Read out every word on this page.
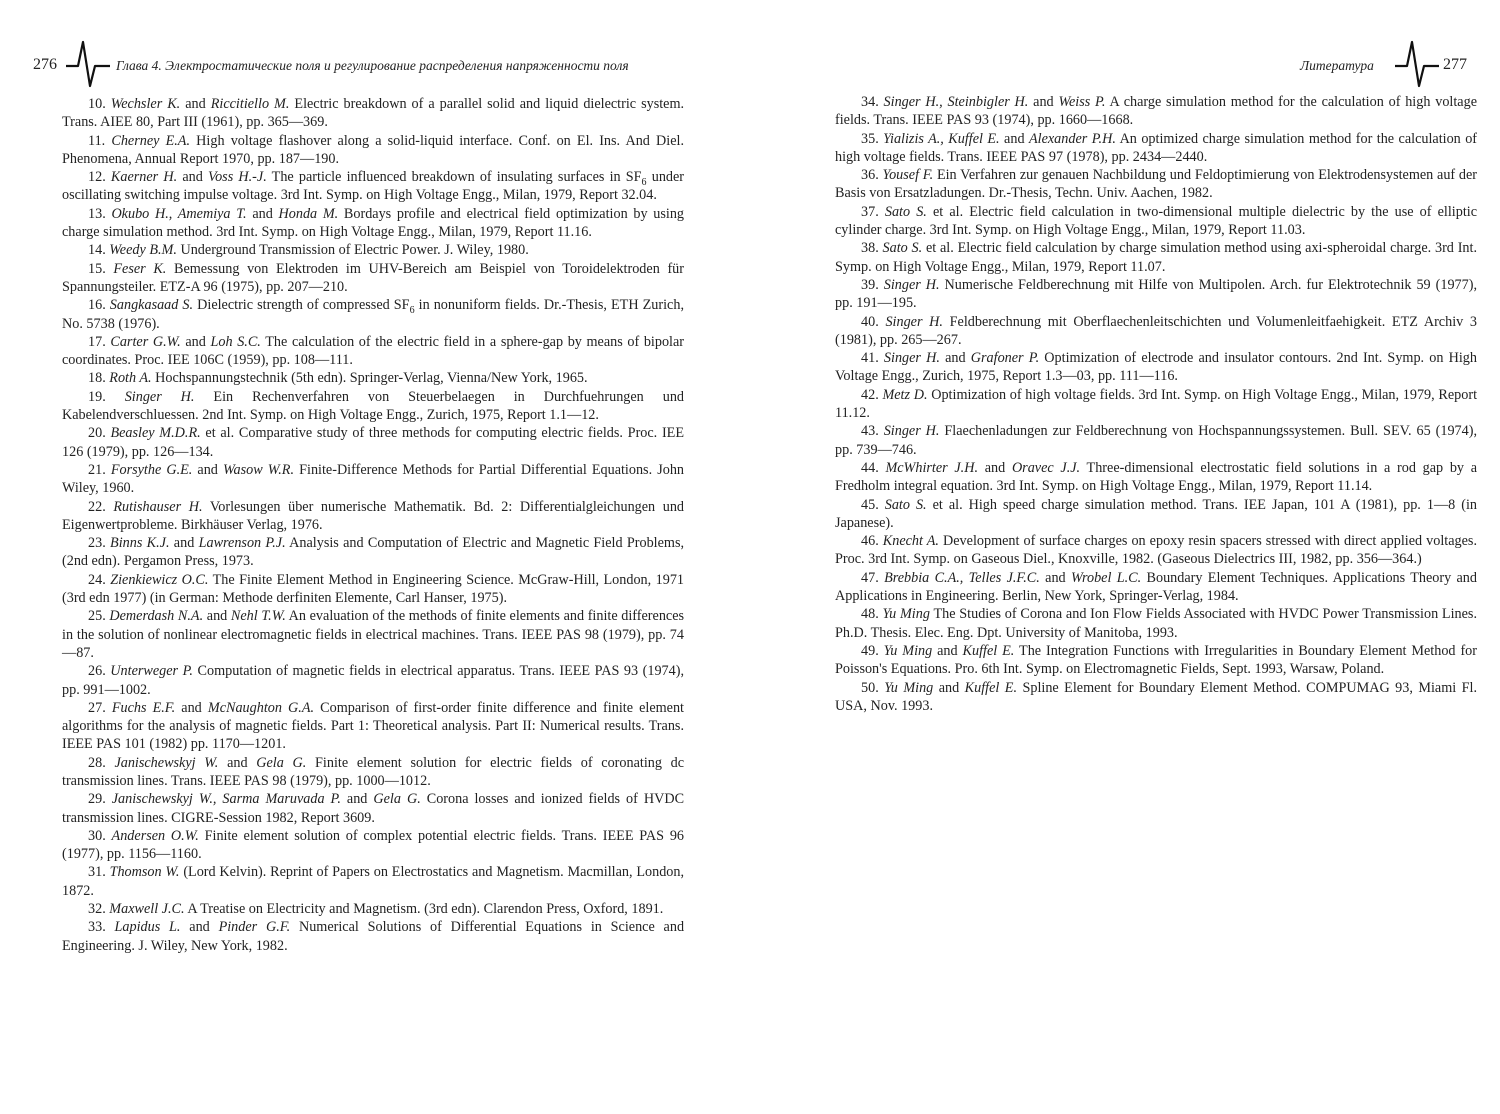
276	Глава 4. Электростатические поля и регулирование распределения напряженности поля

10. Wechsler K. and Riccitiello M. Electric breakdown of a parallel solid and liquid dielectric system. Trans. AIEE 80, Part III (1961), pp. 365—369.

11. Cherney E.A. High voltage flashover along a solid-liquid interface. Conf. on El. Ins. And Diel. Phenomena, Annual Report 1970, pp. 187—190.

12. Kaerner H. and Voss H.-J. The particle influenced breakdown of insulating surfaces in $SF_6$ under oscillating switching impulse voltage. 3rd Int. Symp. on High Voltage Engg., Milan, 1979, Report 32.04.

13. Okubo H., Amemiya T. and Honda M. Bordays profile and electrical field optimization by using charge simulation method. 3rd Int. Symp. on High Voltage Engg., Milan, 1979, Report 11.16.

14. Weedy B.M. Underground Transmission of Electric Power. J. Wiley, 1980.

15. Feser K. Bemessung von Elektroden im UHV-Bereich am Beispiel von Toroidelektroden für Spannungsteiler. ETZ-A 96 (1975), pp. 207—210.

16. Sangkasaad S. Dielectric strength of compressed $SF_6$ in nonuniform fields. Dr.-Thesis, ETH Zurich, No. 5738 (1976).

17. Carter G.W. and Loh S.C. The calculation of the electric field in a sphere-gap by means of bipolar coordinates. Proc. IEE 106C (1959), pp. 108—111.

18. Roth A. Hochspannungstechnik (5th edn). Springer-Verlag, Vienna/New York, 1965.

19. Singer H. Ein Rechenverfahren von Steuerbelaegen in Durchfuehrungen und Kabelendverschluessen. 2nd Int. Symp. on High Voltage Engg., Zurich, 1975, Report 1.1—12.

20. Beasley M.D.R. et al. Comparative study of three methods for computing electric fields. Proc. IEE 126 (1979), pp. 126—134.

21. Forsythe G.E. and Wasow W.R. Finite-Difference Methods for Partial Differential Equations. John Wiley, 1960.

22. Rutishauser H. Vorlesungen über numerische Mathematik. Bd. 2: Differentialgleichungen und Eigenwertprobleme. Birkhäuser Verlag, 1976.

23. Binns K.J. and Lawrenson P.J. Analysis and Computation of Electric and Magnetic Field Problems, (2nd edn). Pergamon Press, 1973.

24. Zienkiewicz O.C. The Finite Element Method in Engineering Science. McGraw-Hill, London, 1971 (3rd edn 1977) (in German: Methode derfiniten Elemente, Carl Hanser, 1975).

25. Demerdash N.A. and Nehl T.W. An evaluation of the methods of finite elements and finite differences in the solution of nonlinear electromagnetic fields in electrical machines. Trans. IEEE PAS 98 (1979), pp. 74—87.

26. Unterweger P. Computation of magnetic fields in electrical apparatus. Trans. IEEE PAS 93 (1974), pp. 991—1002.

27. Fuchs E.F. and McNaughton G.A. Comparison of first-order finite difference and finite element algorithms for the analysis of magnetic fields. Part 1: Theoretical analysis. Part II: Numerical results. Trans. IEEE PAS 101 (1982) pp. 1170—1201.

28. Janischewskyj W. and Gela G. Finite element solution for electric fields of coronating dc transmission lines. Trans. IEEE PAS 98 (1979), pp. 1000—1012.

29. Janischewskyj W., Sarma Maruvada P. and Gela G. Corona losses and ionized fields of HVDC transmission lines. CIGRE-Session 1982, Report 3609.

30. Andersen O.W. Finite element solution of complex potential electric fields. Trans. IEEE PAS 96 (1977), pp. 1156—1160.

31. Thomson W. (Lord Kelvin). Reprint of Papers on Electrostatics and Magnetism. Macmillan, London, 1872.

32. Maxwell J.C. A Treatise on Electricity and Magnetism. (3rd edn). Clarendon Press, Oxford, 1891.

33. Lapidus L. and Pinder G.F. Numerical Solutions of Differential Equations in Science and Engineering. J. Wiley, New York, 1982.

Литература	277

34. Singer H., Steinbigler H. and Weiss P. A charge simulation method for the calculation of high voltage fields. Trans. IEEE PAS 93 (1974), pp. 1660—1668.

35. Yializis A., Kuffel E. and Alexander P.H. An optimized charge simulation method for the calculation of high voltage fields. Trans. IEEE PAS 97 (1978), pp. 2434—2440.

36. Yousef F. Ein Verfahren zur genauen Nachbildung und Feldoptimierung von Elektrodensystemen auf der Basis von Ersatzladungen. Dr.-Thesis, Techn. Univ. Aachen, 1982.

37. Sato S. et al. Electric field calculation in two-dimensional multiple dielectric by the use of elliptic cylinder charge. 3rd Int. Symp. on High Voltage Engg., Milan, 1979, Report 11.03.

38. Sato S. et al. Electric field calculation by charge simulation method using axi-spheroidal charge. 3rd Int. Symp. on High Voltage Engg., Milan, 1979, Report 11.07.

39. Singer H. Numerische Feldberechnung mit Hilfe von Multipolen. Arch. fur Elektrotechnik 59 (1977), pp. 191—195.

40. Singer H. Feldberechnung mit Oberflaechenleitschichten und Volumenleitfaehigkeit. ETZ Archiv 3 (1981), pp. 265—267.

41. Singer H. and Grafoner P. Optimization of electrode and insulator contours. 2nd Int. Symp. on High Voltage Engg., Zurich, 1975, Report 1.3—03, pp. 111—116.

42. Metz D. Optimization of high voltage fields. 3rd Int. Symp. on High Voltage Engg., Milan, 1979, Report 11.12.

43. Singer H. Flaechenladungen zur Feldberechnung von Hochspannungssystemen. Bull. SEV. 65 (1974), pp. 739—746.

44. McWhirter J.H. and Oravec J.J. Three-dimensional electrostatic field solutions in a rod gap by a Fredholm integral equation. 3rd Int. Symp. on High Voltage Engg., Milan, 1979, Report 11.14.

45. Sato S. et al. High speed charge simulation method. Trans. IEE Japan, 101 A (1981), pp. 1—8 (in Japanese).

46. Knecht A. Development of surface charges on epoxy resin spacers stressed with direct applied voltages. Proc. 3rd Int. Symp. on Gaseous Diel., Knoxville, 1982. (Gaseous Dielectrics III, 1982, pp. 356—364.)

47. Brebbia C.A., Telles J.F.C. and Wrobel L.C. Boundary Element Techniques. Applications Theory and Applications in Engineering. Berlin, New York, Springer-Verlag, 1984.

48. Yu Ming The Studies of Corona and Ion Flow Fields Associated with HVDC Power Transmission Lines. Ph.D. Thesis. Elec. Eng. Dpt. University of Manitoba, 1993.

49. Yu Ming and Kuffel E. The Integration Functions with Irregularities in Boundary Element Method for Poisson's Equations. Pro. 6th Int. Symp. on Electromagnetic Fields, Sept. 1993, Warsaw, Poland.

50. Yu Ming and Kuffel E. Spline Element for Boundary Element Method. COMPUMAG 93, Miami Fl. USA, Nov. 1993.
